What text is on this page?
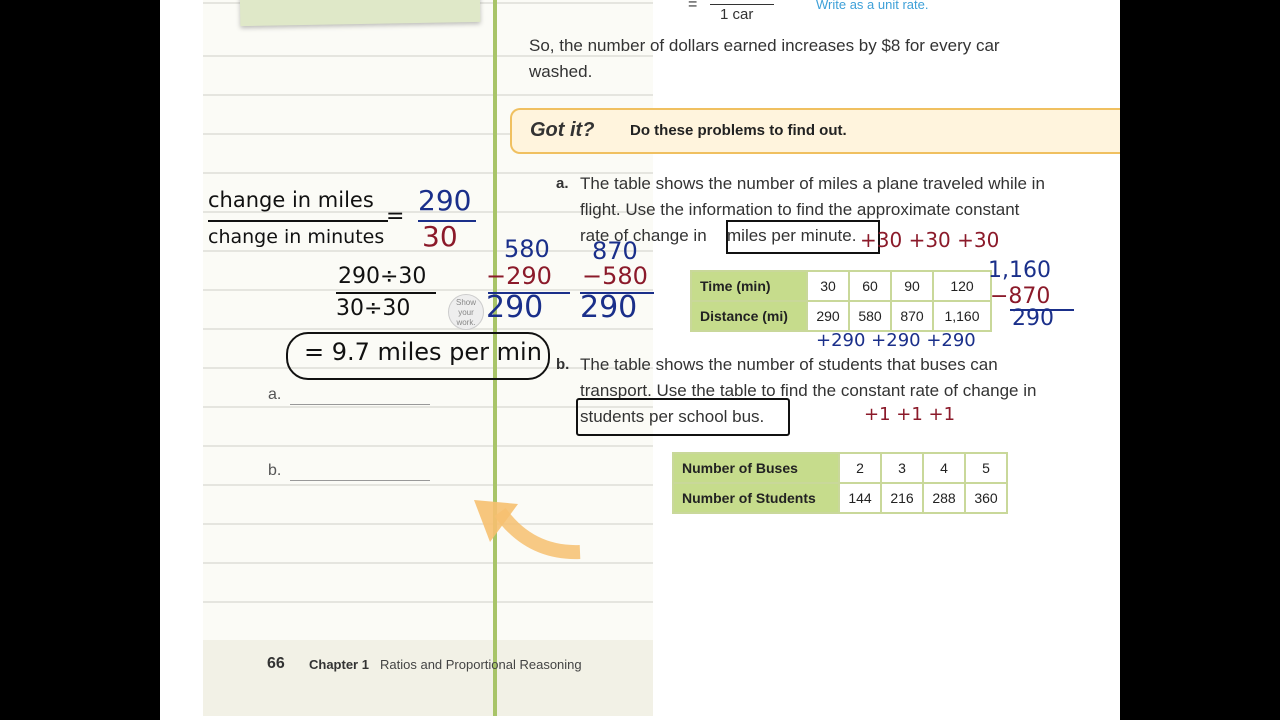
change in miles
change in minutes
= 290
30
290÷30
30÷30	Show your work.
= 9.7 miles per min
a.
b.
=
1 car
Write as a unit rate.
So, the number of dollars earned increases by $8 for every car washed.
Got it? Do these problems to find out.
a. The table shows the number of miles a plane traveled while in
flight. Use the information to find the approximate constant
rate of change in miles per minute.
Time (min)	30	60	90	120
Distance (mi)	290	580	870	1,160
+30 +30 +30
+290 +290 +290
580
−290
290
870
−580
290
1,160
−870
290
b. The table shows the number of students that buses can
transport. Use the table to find the constant rate of change in
students per school bus.	+1 +1 +1
Number of Buses	2	3	4	5
Number of Students	144	216	288	360
66 Chapter 1 Ratios and Proportional Reasoning
